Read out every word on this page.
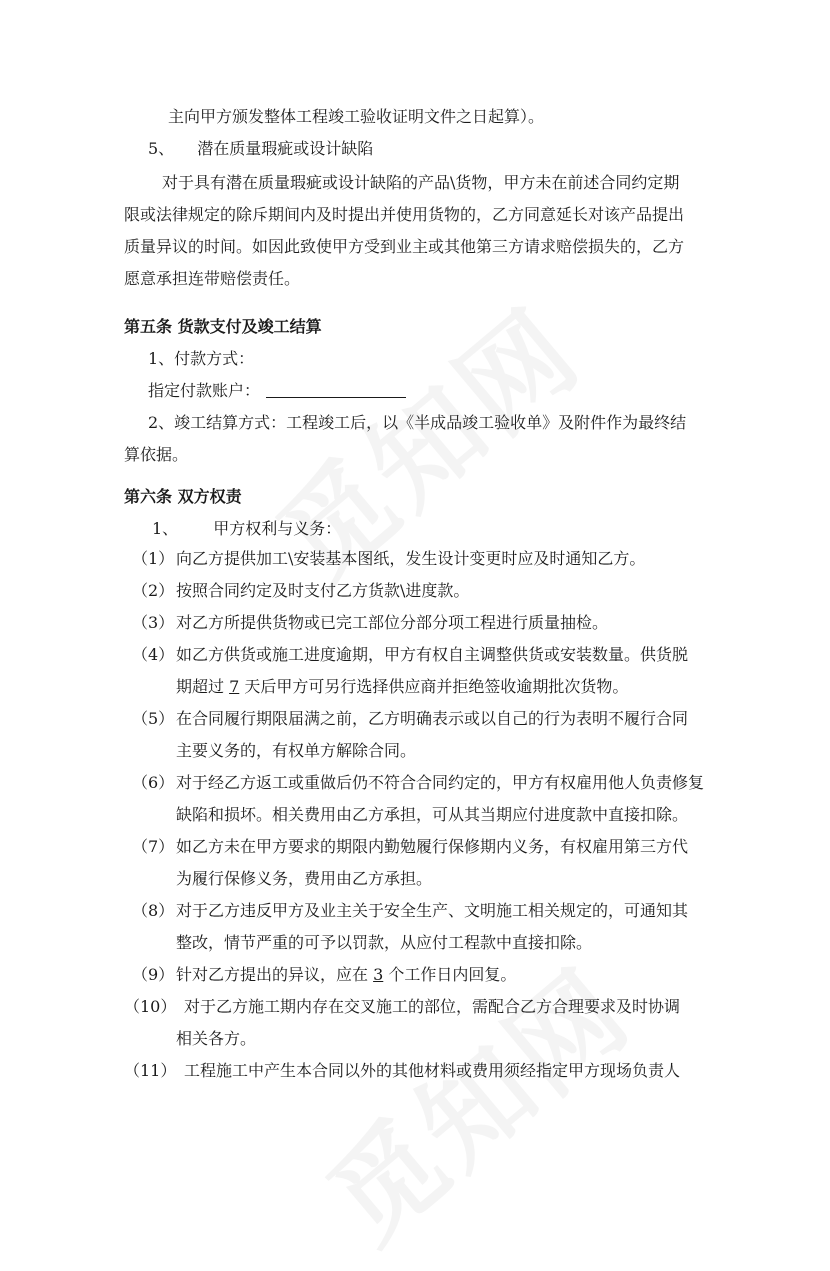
主向甲方颁发整体工程竣工验收证明文件之日起算）。
5、 潜在质量瑕疵或设计缺陷
对于具有潜在质量瑕疵或设计缺陷的产品\货物，甲方未在前述合同约定期
限或法律规定的除斥期间内及时提出并使用货物的，乙方同意延长对该产品提出
质量异议的时间。如因此致使甲方受到业主或其他第三方请求赔偿损失的，乙方
愿意承担连带赔偿责任。
第五条 货款支付及竣工结算
1、付款方式：
指定付款账户：
2、竣工结算方式：工程竣工后，以《半成品竣工验收单》及附件作为最终结
算依据。
第六条 双方权责
1、 甲方权利与义务：
（1） 向乙方提供加工\安装基本图纸，发生设计变更时应及时通知乙方。
（2） 按照合同约定及时支付乙方货款\进度款。
（3） 对乙方所提供货物或已完工部位分部分项工程进行质量抽检。
（4） 如乙方供货或施工进度逾期，甲方有权自主调整供货或安装数量。供货脱
期超过 7 天后甲方可另行选择供应商并拒绝签收逾期批次货物。
（5） 在合同履行期限届满之前，乙方明确表示或以自己的行为表明不履行合同
主要义务的，有权单方解除合同。
（6） 对于经乙方返工或重做后仍不符合合同约定的，甲方有权雇用他人负责修复
缺陷和损坏。相关费用由乙方承担，可从其当期应付进度款中直接扣除。
（7） 如乙方未在甲方要求的期限内勤勉履行保修期内义务，有权雇用第三方代
为履行保修义务，费用由乙方承担。
（8） 对于乙方违反甲方及业主关于安全生产、文明施工相关规定的，可通知其
整改，情节严重的可予以罚款，从应付工程款中直接扣除。
（9） 针对乙方提出的异议，应在 3 个工作日内回复。
（10） 对于乙方施工期内存在交叉施工的部位，需配合乙方合理要求及时协调
相关各方。
（11） 工程施工中产生本合同以外的其他材料或费用须经指定甲方现场负责人
